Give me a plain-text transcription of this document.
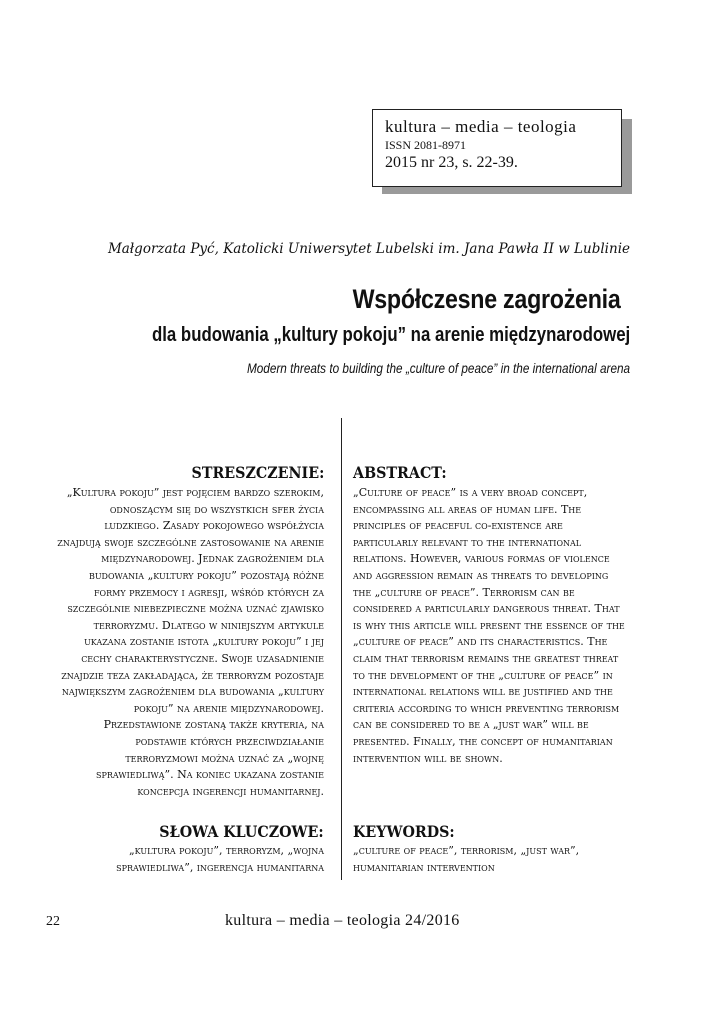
kultura – media – teologia
ISSN 2081-8971
2015 nr 23, s. 22-39.
Małgorzata Pyć, Katolicki Uniwersytet Lubelski im. Jana Pawła II w Lublinie
Współczesne zagrożenia
dla budowania „kultury pokoju” na arenie międzynarodowej
Modern threats to building the „culture of peace” in the international arena
STRESZCZENIE: ABSTRACT:
„Kultura pokoju” jest pojęciem bardzo szerokim,
odnoszącym się do wszystkich sfer życia
ludzkiego. Zasady pokojowego współżycia
znajdują swoje szczególne zastosowanie na arenie
międzynarodowej. Jednak zagrożeniem dla
budowania „kultury pokoju” pozostają różne
formy przemocy i agresji, wśród których za
szczególnie niebezpieczne można uznać zjawisko
terroryzmu. Dlatego w niniejszym artykule
ukazana zostanie istota „kultury pokoju” i jej
cechy charakterystyczne. Swoje uzasadnienie
znajdzie teza zakładająca, że terroryzm pozostaje
największym zagrożeniem dla budowania „kultury
pokoju” na arenie międzynarodowej.
Przedstawione zostaną także kryteria, na
podstawie których przeciwdziałanie
terroryzmowi można uznać za „wojnę
sprawiedliwą”. Na koniec ukazana zostanie
koncepcja ingerencji humanitarnej.
„Culture of peace” is a very broad concept,
encompassing all areas of human life. The
principles of peaceful co-existence are
particularly relevant to the international
relations. However, various formas of violence
and aggression remain as threats to developing
the „culture of peace”. Terrorism can be
considered a particularly dangerous threat. That
is why this article will present the essence of the
„culture of peace” and its characteristics. The
claim that terrorism remains the greatest threat
to the development of the „culture of peace” in
international relations will be justified and the
criteria according to which preventing terrorism
can be considered to be a „just war” will be
presented. Finally, the concept of humanitarian
intervention will be shown.
SŁOWA KLUCZOWE: KEYWORDS:
„kultura pokoju”, terroryzm, „wojna
sprawiedliwa”, ingerencja humanitarna
„culture of peace”, terrorism, „just war”,
humanitarian intervention
22	kultura – media – teologia 24/2016
